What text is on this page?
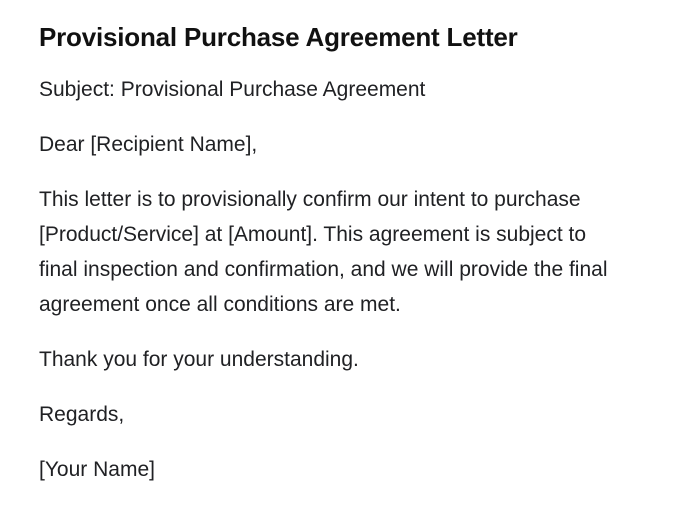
Provisional Purchase Agreement Letter

Subject: Provisional Purchase Agreement

Dear [Recipient Name],

This letter is to provisionally confirm our intent to purchase [Product/Service] at [Amount]. This agreement is subject to final inspection and confirmation, and we will provide the final agreement once all conditions are met.

Thank you for your understanding.

Regards,

[Your Name]
